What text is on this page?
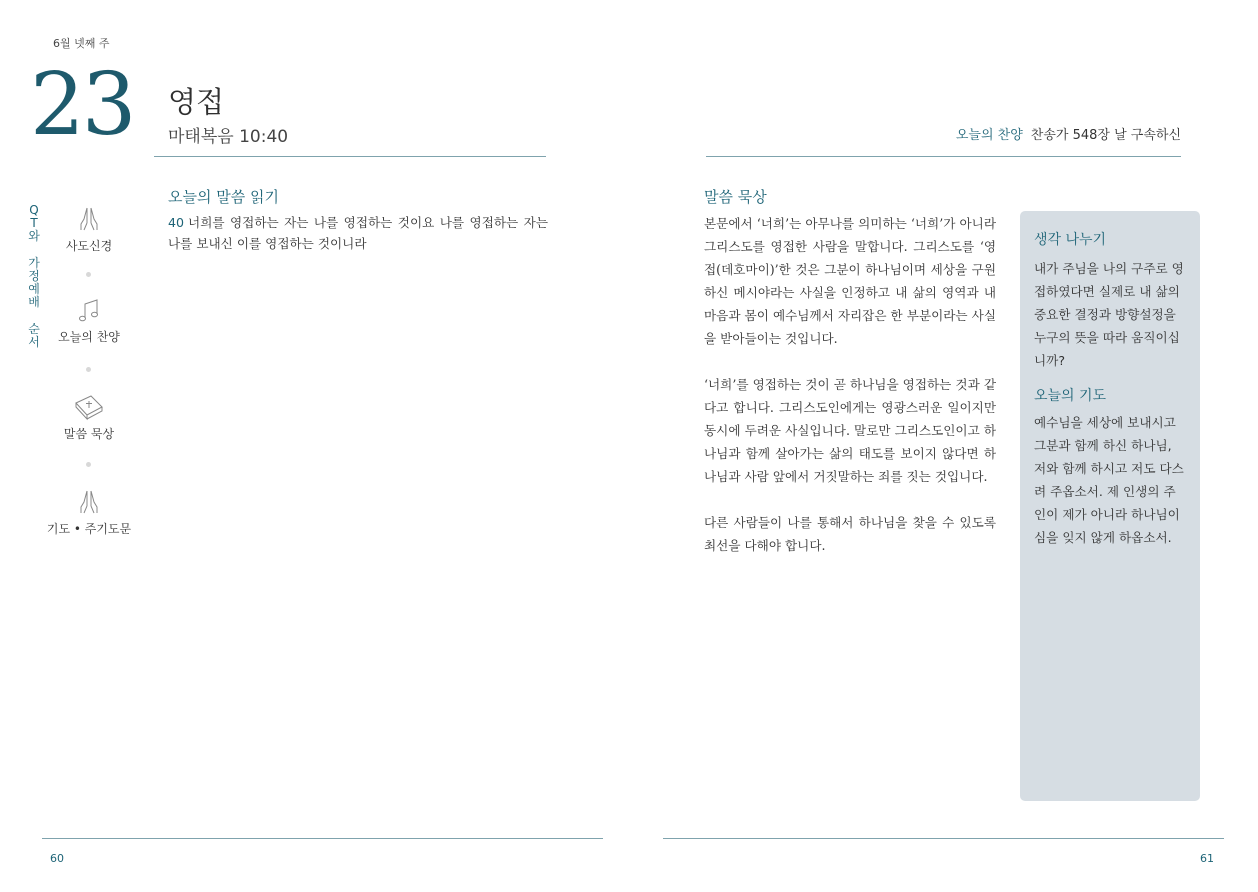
6월 넷째 주
23 영접
마태복음 10:40	오늘의 찬양 찬송가 548장 날 구속하신
Q
T
와
가
정
예
배
순
서
사도신경
오늘의 찬양
말씀 묵상
기도 • 주기도문
오늘의 말씀 읽기
40 너희를 영접하는 자는 나를 영접하는 것이요 나를 영접하는 자는 나를 보내신 이를 영접하는 것이니라
말씀 묵상

본문에서 ‘너희’는 아무나를 의미하는 ‘너희’가 아니라 그리스도를 영접한 사람을 말합니다. 그리스도를 ‘영접(데호마이)’한 것은 그분이 하나님이며 세상을 구원하신 메시야라는 사실을 인정하고 내 삶의 영역과 내 마음과 몸이 예수님께서 자리잡은 한 부분이라는 사실을 받아들이는 것입니다.

‘너희’를 영접하는 것이 곧 하나님을 영접하는 것과 같다고 합니다. 그리스도인에게는 영광스러운 일이지만 동시에 두려운 사실입니다. 말로만 그리스도인이고 하나님과 함께 살아가는 삶의 태도를 보이지 않다면 하나님과 사람 앞에서 거짓말하는 죄를 짓는 것입니다.

다른 사람들이 나를 통해서 하나님을 찾을 수 있도록 최선을 다해야 합니다.

생각 나누기
내가 주님을 나의 구주로 영접하였다면 실제로 내 삶의 중요한 결정과 방향설정을 누구의 뜻을 따라 움직이십니까?
오늘의 기도
예수님을 세상에 보내시고 그분과 함께 하신 하나님, 저와 함께 하시고 저도 다스려 주옵소서. 제 인생의 주인이 제가 아니라 하나님이심을 잊지 않게 하옵소서.
60	61
